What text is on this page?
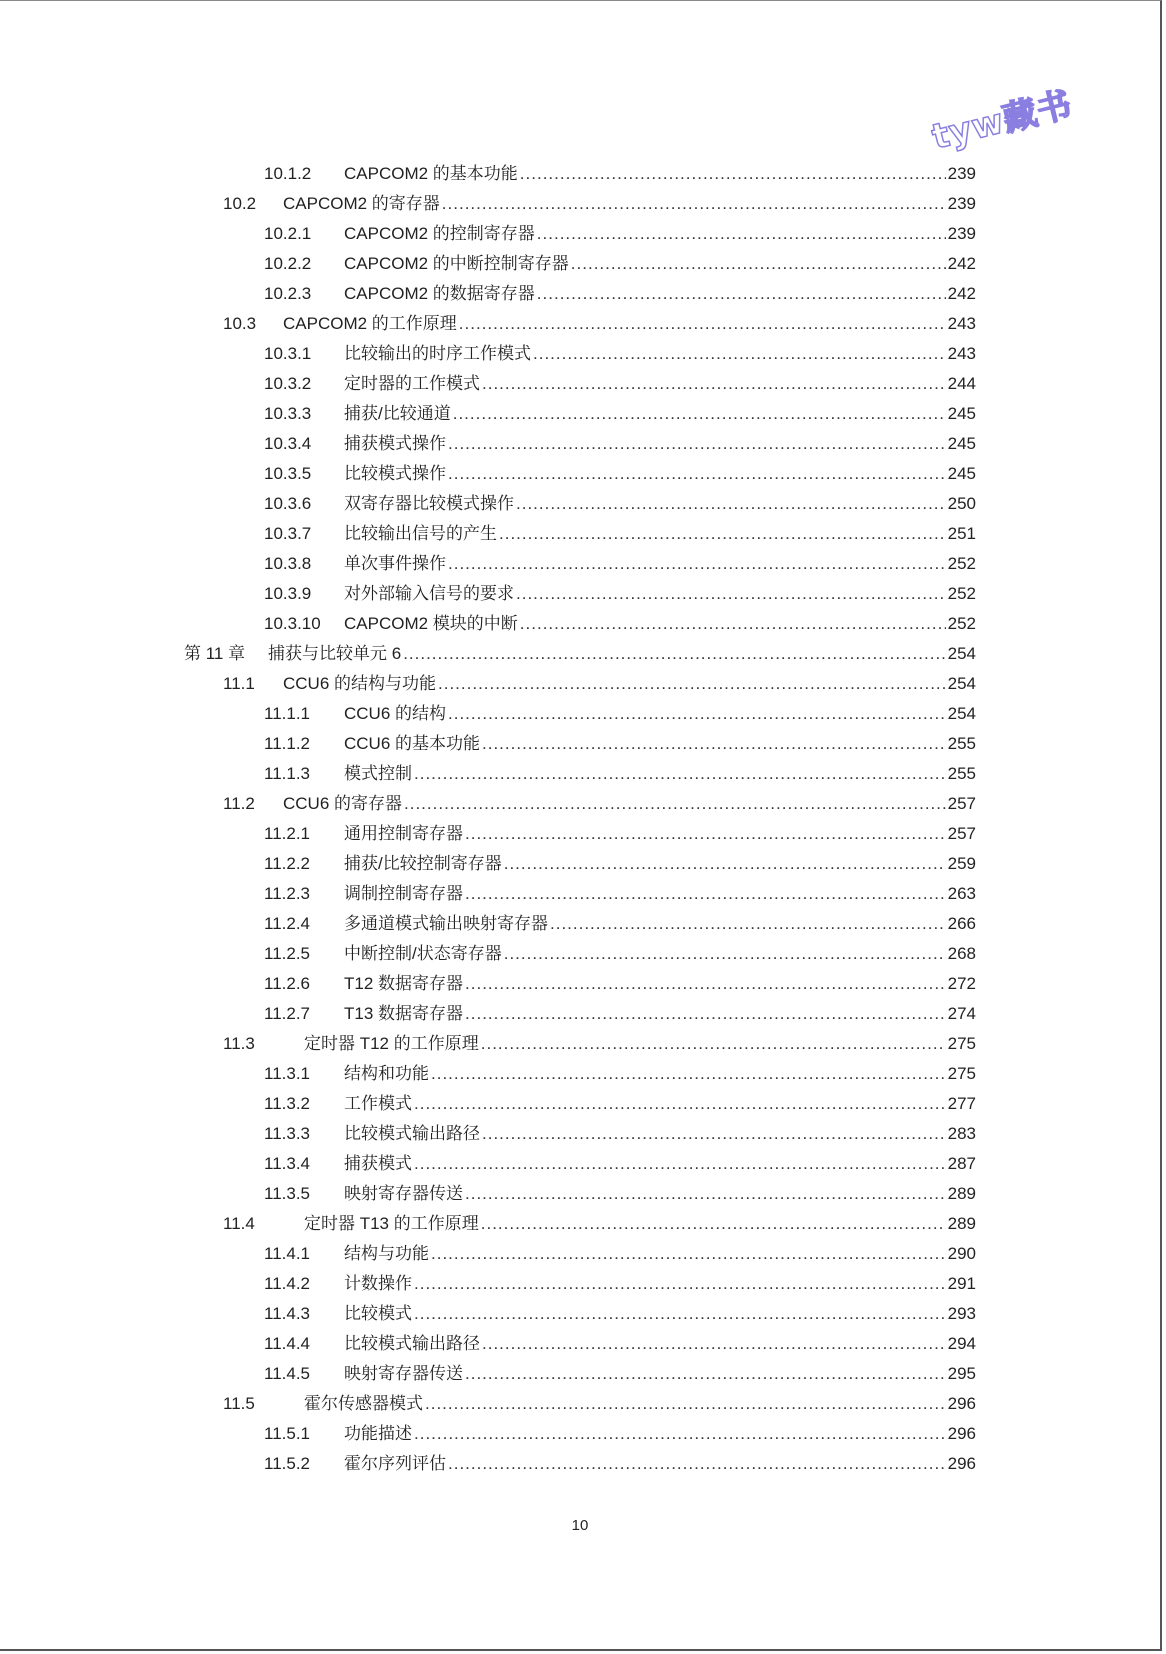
tyw藏书
10.1.2	CAPCOM2 的基本功能 .....	239
10.2	CAPCOM2 的寄存器 .....	239
10.2.1	CAPCOM2 的控制寄存器 .....	239
10.2.2	CAPCOM2 的中断控制寄存器 .....	242
10.2.3	CAPCOM2 的数据寄存器 .....	242
10.3	CAPCOM2 的工作原理 .....	243
10.3.1	比较输出的时序工作模式 .....	243
10.3.2	定时器的工作模式 .....	244
10.3.3	捕获/比较通道 .....	245
10.3.4	捕获模式操作 .....	245
10.3.5	比较模式操作 .....	245
10.3.6	双寄存器比较模式操作 .....	250
10.3.7	比较输出信号的产生 .....	251
10.3.8	单次事件操作 .....	252
10.3.9	对外部输入信号的要求 .....	252
10.3.10	CAPCOM2 模块的中断 .....	252
第 11 章	捕获与比较单元 6 .....	254
11.1	CCU6 的结构与功能 .....	254
11.1.1	CCU6 的结构 .....	254
11.1.2	CCU6 的基本功能 .....	255
11.1.3	模式控制 .....	255
11.2	CCU6 的寄存器 .....	257
11.2.1	通用控制寄存器 .....	257
11.2.2	捕获/比较控制寄存器 .....	259
11.2.3	调制控制寄存器 .....	263
11.2.4	多通道模式输出映射寄存器 .....	266
11.2.5	中断控制/状态寄存器 .....	268
11.2.6	T12 数据寄存器 .....	272
11.2.7	T13 数据寄存器 .....	274
11.3	定时器 T12 的工作原理 .....	275
11.3.1	结构和功能 .....	275
11.3.2	工作模式 .....	277
11.3.3	比较模式输出路径 .....	283
11.3.4	捕获模式 .....	287
11.3.5	映射寄存器传送 .....	289
11.4	定时器 T13 的工作原理 .....	289
11.4.1	结构与功能 .....	290
11.4.2	计数操作 .....	291
11.4.3	比较模式 .....	293
11.4.4	比较模式输出路径 .....	294
11.4.5	映射寄存器传送 .....	295
11.5	霍尔传感器模式 .....	296
11.5.1	功能描述 .....	296
11.5.2	霍尔序列评估 .....	296
10
